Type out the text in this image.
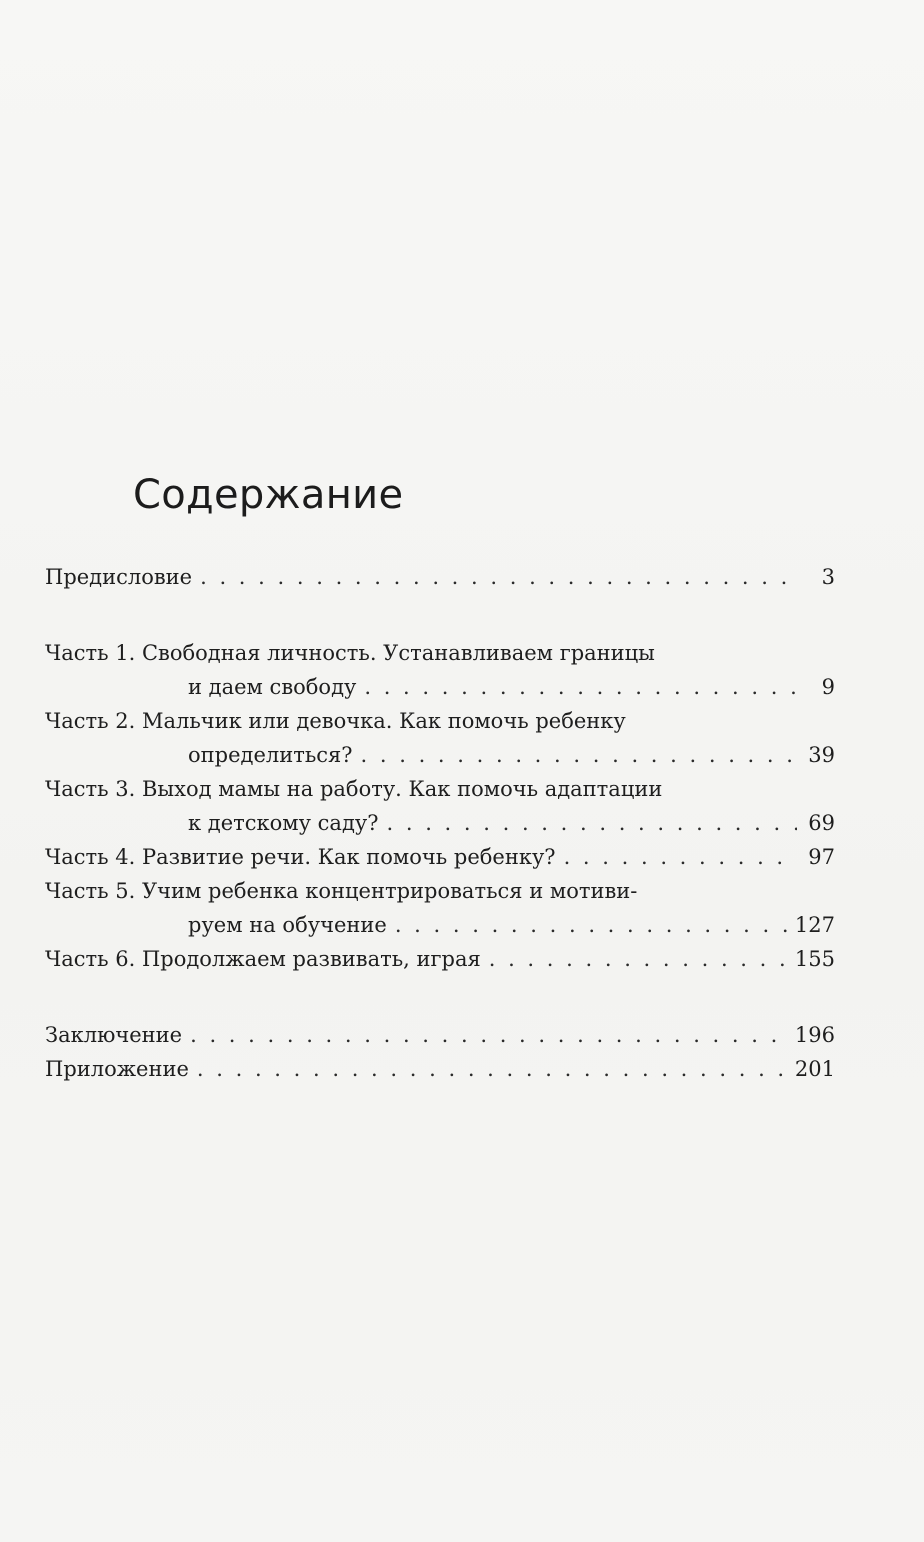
Содержание
Предисловие . . .	3
Часть 1. Свободная личность. Устанавливаем границы
и даем свободу . . .	9
Часть 2. Мальчик или девочка. Как помочь ребенку
определиться? . . .	39
Часть 3. Выход мамы на работу. Как помочь адаптации
к детскому саду? . . .	69
Часть 4. Развитие речи. Как помочь ребенку? . . .	97
Часть 5. Учим ребенка концентрироваться и мотиви-
руем на обучение . . .	127
Часть 6. Продолжаем развивать, играя . . .	155
Заключение . . .	196
Приложение . . .	201
